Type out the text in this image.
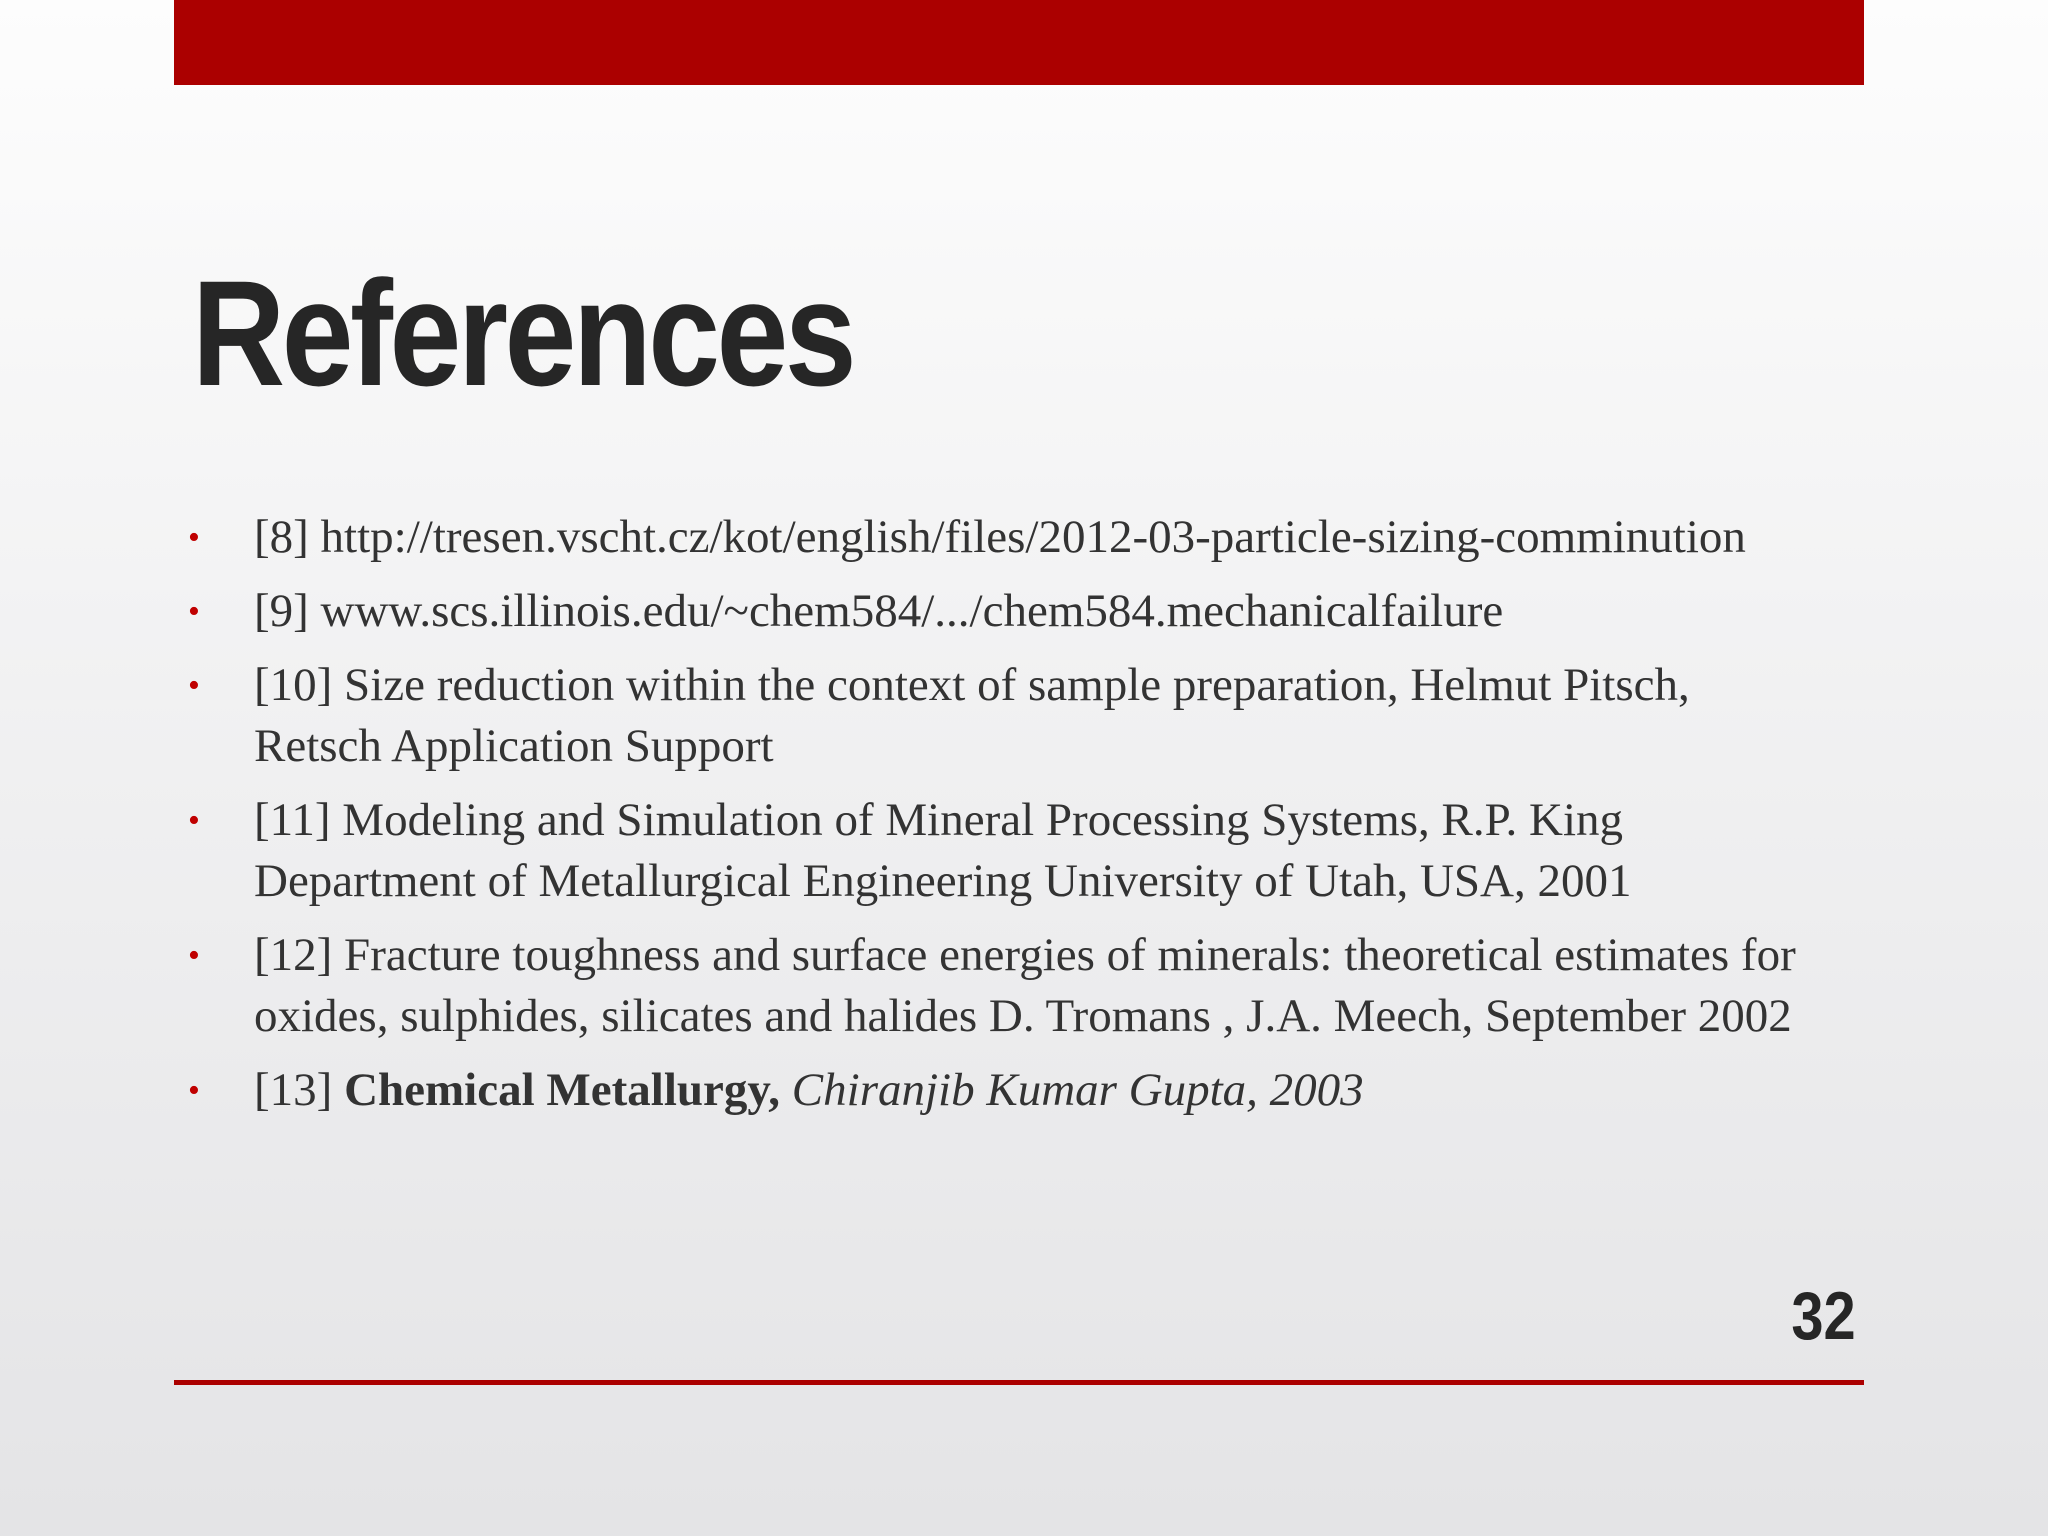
References
•	[8] http://tresen.vscht.cz/kot/english/files/2012-03-particle-sizing-comminution
•	[9] www.scs.illinois.edu/~chem584/.../chem584.mechanicalfailure
•	[10] Size reduction within the context of sample preparation, Helmut Pitsch, Retsch Application Support
•	[11] Modeling and Simulation of Mineral Processing Systems, R.P. King Department of Metallurgical Engineering University of Utah, USA, 2001
•	[12] Fracture toughness and surface energies of minerals: theoretical estimates for oxides, sulphides, silicates and halides D. Tromans , J.A. Meech, September 2002
•	[13] Chemical Metallurgy, Chiranjib Kumar Gupta, 2003
32
